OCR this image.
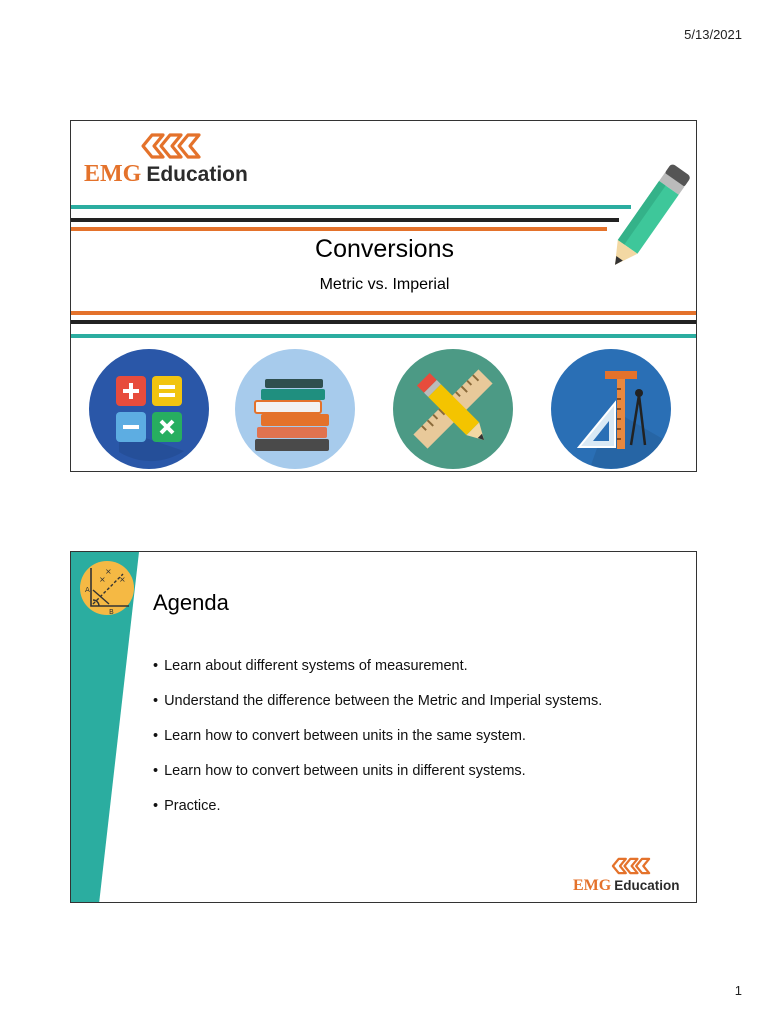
5/13/2021
EMG Education
Conversions
Metric vs. Imperial
A
B
×
×
×
Agenda
• Learn about different systems of measurement.
• Understand the difference between the Metric and Imperial systems.
• Learn how to convert between units in the same system.
• Learn how to convert between units in different systems.
• Practice.
EMG Education
1
